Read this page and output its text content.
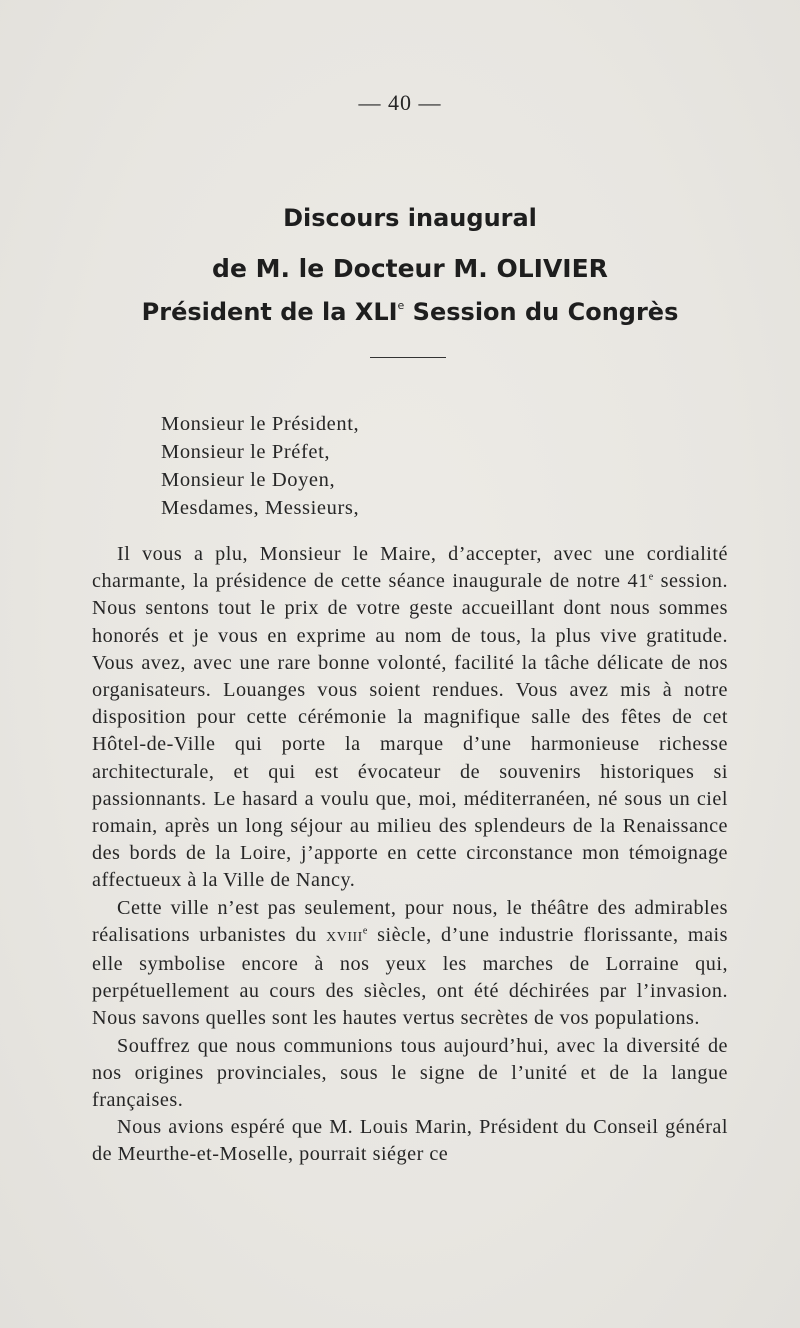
— 40 —
Discours inaugural
de M. le Docteur M. OLIVIER
Président de la XLIe Session du Congrès
Monsieur le Président,
Monsieur le Préfet,
Monsieur le Doyen,
Mesdames, Messieurs,

Il vous a plu, Monsieur le Maire, d’accepter, avec une cordialité charmante, la présidence de cette séance inaugurale de notre 41e session. Nous sentons tout le prix de votre geste accueillant dont nous sommes honorés et je vous en exprime au nom de tous, la plus vive gratitude. Vous avez, avec une rare bonne volonté, facilité la tâche délicate de nos organisateurs. Louanges vous soient rendues. Vous avez mis à notre disposition pour cette cérémonie la magnifique salle des fêtes de cet Hôtel-de-Ville qui porte la marque d’une harmonieuse richesse architecturale, et qui est évocateur de souvenirs historiques si passionnants. Le hasard a voulu que, moi, méditerranéen, né sous un ciel romain, après un long séjour au milieu des splendeurs de la Renaissance des bords de la Loire, j’apporte en cette circonstance mon témoignage affectueux à la Ville de Nancy.

Cette ville n’est pas seulement, pour nous, le théâtre des admirables réalisations urbanistes du XVIIIe siècle, d’une industrie florissante, mais elle symbolise encore à nos yeux les marches de Lorraine qui, perpétuellement au cours des siècles, ont été déchirées par l’invasion. Nous savons quelles sont les hautes vertus secrètes de vos populations.

Souffrez que nous communions tous aujourd’hui, avec la diversité de nos origines provinciales, sous le signe de l’unité et de la langue françaises.

Nous avions espéré que M. Louis Marin, Président du Conseil général de Meurthe-et-Moselle, pourrait siéger ce
